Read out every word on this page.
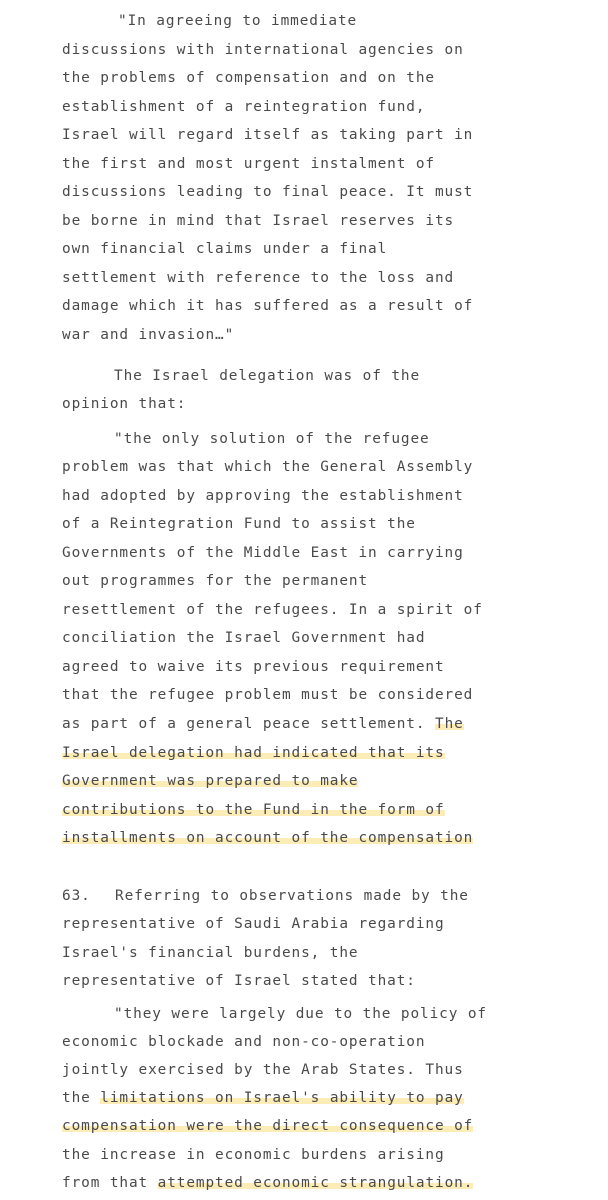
"In agreeing to immediate
discussions with international agencies on
the problems of compensation and on the
establishment of a reintegration fund,
Israel will regard itself as taking part in
the first and most urgent instalment of
discussions leading to final peace. It must
be borne in mind that Israel reserves its
own financial claims under a final
settlement with reference to the loss and
damage which it has suffered as a result of
war and invasion…"
The Israel delegation was of the
opinion that:
"the only solution of the refugee
problem was that which the General Assembly
had adopted by approving the establishment
of a Reintegration Fund to assist the
Governments of the Middle East in carrying
out programmes for the permanent
resettlement of the refugees. In a spirit of
conciliation the Israel Government had
agreed to waive its previous requirement
that the refugee problem must be considered
as part of a general peace settlement. The
Israel delegation had indicated that its
Government was prepared to make
contributions to the Fund in the form of
installments on account of the compensation
63. Referring to observations made by the
representative of Saudi Arabia regarding
Israel's financial burdens, the
representative of Israel stated that:
"they were largely due to the policy of
economic blockade and non-co-operation
jointly exercised by the Arab States. Thus
the limitations on Israel's ability to pay
compensation were the direct consequence of
the increase in economic burdens arising
from that attempted economic strangulation.
